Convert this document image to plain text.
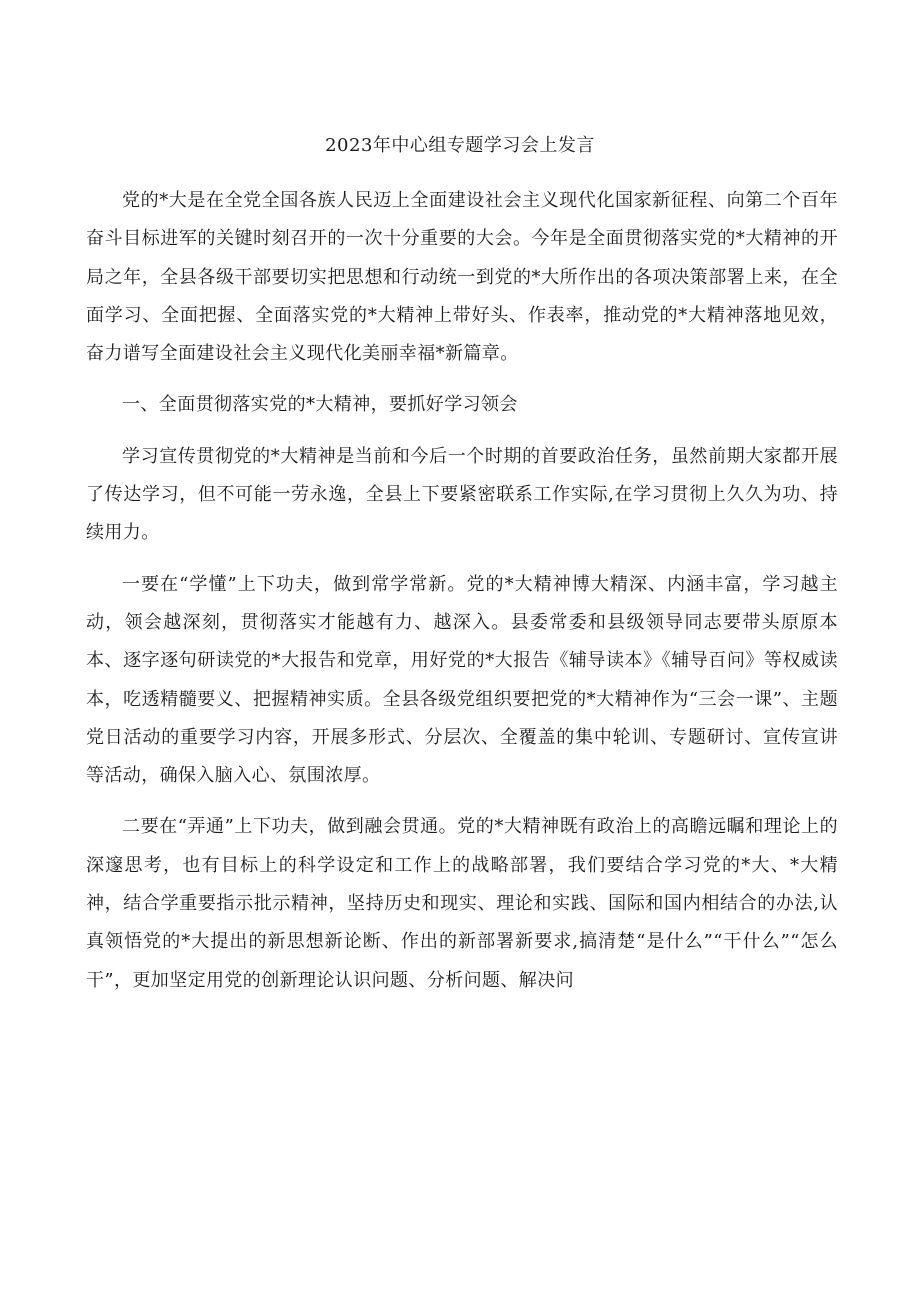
2023年中心组专题学习会上发言

党的*大是在全党全国各族人民迈上全面建设社会主义现代化国家新征程、向第二个百年奋斗目标进军的关键时刻召开的一次十分重要的大会。今年是全面贯彻落实党的*大精神的开局之年，全县各级干部要切实把思想和行动统一到党的*大所作出的各项决策部署上来，在全面学习、全面把握、全面落实党的*大精神上带好头、作表率，推动党的*大精神落地见效，奋力谱写全面建设社会主义现代化美丽幸福*新篇章。

一、全面贯彻落实党的*大精神，要抓好学习领会

学习宣传贯彻党的*大精神是当前和今后一个时期的首要政治任务，虽然前期大家都开展了传达学习，但不可能一劳永逸，全县上下要紧密联系工作实际,在学习贯彻上久久为功、持续用力。

一要在“学懂”上下功夫，做到常学常新。党的*大精神博大精深、内涵丰富，学习越主动，领会越深刻，贯彻落实才能越有力、越深入。县委常委和县级领导同志要带头原原本本、逐字逐句研读党的*大报告和党章，用好党的*大报告《辅导读本》《辅导百问》等权威读本，吃透精髓要义、把握精神实质。全县各级党组织要把党的*大精神作为“三会一课”、主题党日活动的重要学习内容，开展多形式、分层次、全覆盖的集中轮训、专题研讨、宣传宣讲等活动，确保入脑入心、氛围浓厚。

二要在“弄通”上下功夫，做到融会贯通。党的*大精神既有政治上的高瞻远瞩和理论上的深邃思考，也有目标上的科学设定和工作上的战略部署，我们要结合学习党的*大、*大精神，结合学重要指示批示精神，坚持历史和现实、理论和实践、国际和国内相结合的办法,认真领悟党的*大提出的新思想新论断、作出的新部署新要求,搞清楚“是什么”“干什么”“怎么干”，更加坚定用党的创新理论认识问题、分析问题、解决问
